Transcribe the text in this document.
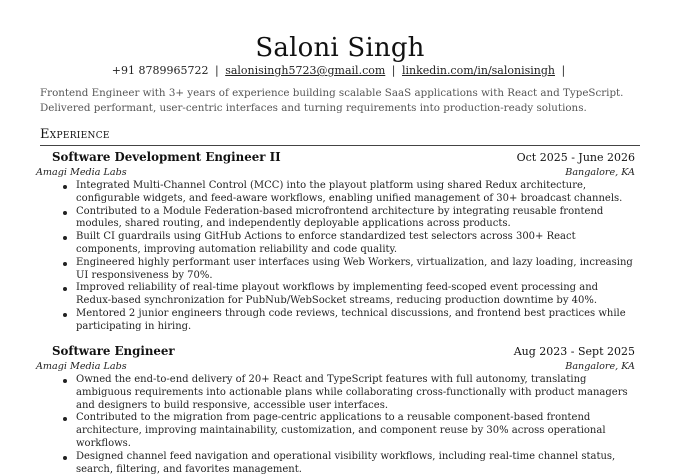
Saloni Singh
+91 8789965722 | salonisingh5723@gmail.com | linkedin.com/in/salonisingh |

Frontend Engineer with 3+ years of experience building scalable SaaS applications with React and TypeScript. Delivered performant, user-centric interfaces and turning requirements into production-ready solutions.

Experience
Software Development Engineer II	Oct 2025 - June 2026
Amagi Media Labs	Bangalore, KA
Integrated Multi-Channel Control (MCC) into the playout platform using shared Redux architecture, configurable widgets, and feed-aware workflows, enabling unified management of 30+ broadcast channels.
Contributed to a Module Federation-based microfrontend architecture by integrating reusable frontend modules, shared routing, and independently deployable applications across products.
Built CI guardrails using GitHub Actions to enforce standardized test selectors across 300+ React components, improving automation reliability and code quality.
Engineered highly performant user interfaces using Web Workers, virtualization, and lazy loading, increasing UI responsiveness by 70%.
Improved reliability of real-time playout workflows by implementing feed-scoped event processing and Redux-based synchronization for PubNub/WebSocket streams, reducing production downtime by 40%.
Mentored 2 junior engineers through code reviews, technical discussions, and frontend best practices while participating in hiring.
Software Engineer	Aug 2023 - Sept 2025
Amagi Media Labs	Bangalore, KA
Owned the end-to-end delivery of 20+ React and TypeScript features with full autonomy, translating ambiguous requirements into actionable plans while collaborating cross-functionally with product managers and designers to build responsive, accessible user interfaces.
Contributed to the migration from page-centric applications to a reusable component-based frontend architecture, improving maintainability, customization, and component reuse by 30% across operational workflows.
Designed channel feed navigation and operational visibility workflows, including real-time channel status, search, filtering, and favorites management.
